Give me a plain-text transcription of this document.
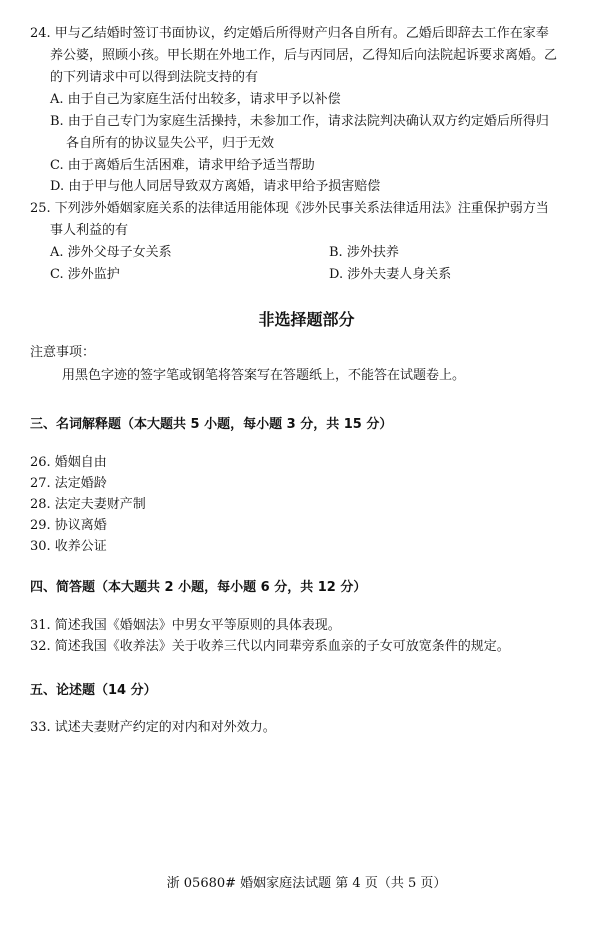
24. 甲与乙结婚时签订书面协议，约定婚后所得财产归各自所有。乙婚后即辞去工作在家奉
养公婆，照顾小孩。甲长期在外地工作，后与丙同居，乙得知后向法院起诉要求离婚。乙
的下列请求中可以得到法院支持的有
A. 由于自己为家庭生活付出较多，请求甲予以补偿
B. 由于自己专门为家庭生活操持，未参加工作，请求法院判决确认双方约定婚后所得归
各自所有的协议显失公平，归于无效
C. 由于离婚后生活困难，请求甲给予适当帮助
D. 由于甲与他人同居导致双方离婚，请求甲给予损害赔偿
25. 下列涉外婚姻家庭关系的法律适用能体现《涉外民事关系法律适用法》注重保护弱方当
事人利益的有
A. 涉外父母子女关系	B. 涉外扶养
C. 涉外监护	D. 涉外夫妻人身关系
非选择题部分
注意事项：
用黑色字迹的签字笔或钢笔将答案写在答题纸上，不能答在试题卷上。
三、名词解释题（本大题共 5 小题，每小题 3 分，共 15 分）
26. 婚姻自由
27. 法定婚龄
28. 法定夫妻财产制
29. 协议离婚
30. 收养公证
四、简答题（本大题共 2 小题，每小题 6 分，共 12 分）
31. 简述我国《婚姻法》中男女平等原则的具体表现。
32. 简述我国《收养法》关于收养三代以内同辈旁系血亲的子女可放宽条件的规定。
五、论述题（14 分）
33. 试述夫妻财产约定的对内和对外效力。
浙 05680# 婚姻家庭法试题 第 4 页（共 5 页）
